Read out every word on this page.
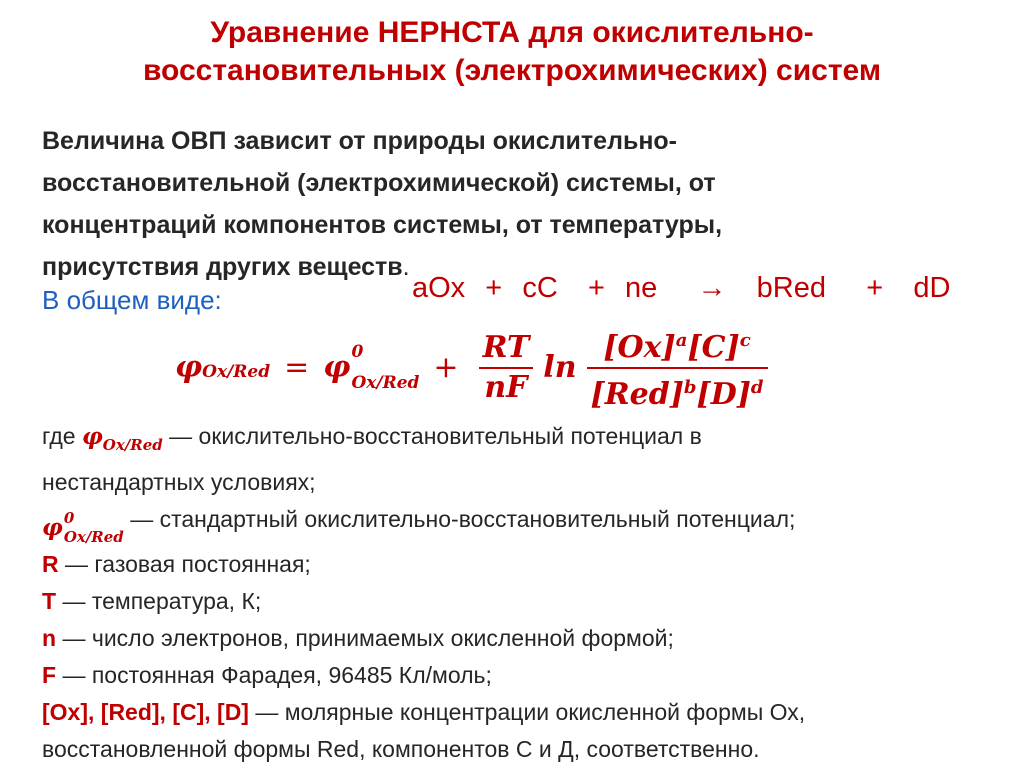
Уравнение НЕРНСТА для окислительно-
восстановительных (электрохимических) систем
Величина ОВП зависит от природы окислительно-
восстановительной (электрохимической) системы, от
концентраций компонентов системы, от температуры,
присутствия других веществ.
В общем виде:	aOx  +  cC   +  ne    →   bRed    +   dD
φ Ox/Red = φ 0
$Ox/Red + \frac{RT}{nF}$ $\ln \frac{[Ox]^a[C]^c}{[Red]^b[D]^d}$
где $\varphi_{Ox/Red}$ — окислительно-восстановительный потенциал в
нестандартных условиях;
φ 0
Ox/Red
— стандартный окислительно-восстановительный потенциал;
R — газовая постоянная;
T — температура, К;
n — число электронов, принимаемых окисленной формой;
F — постоянная Фарадея, 96485 Кл/моль;
[Ox], [Red], [C], [D] — молярные концентрации окисленной формы Ох,
восстановленной формы Red, компонентов С и Д, соответственно.
